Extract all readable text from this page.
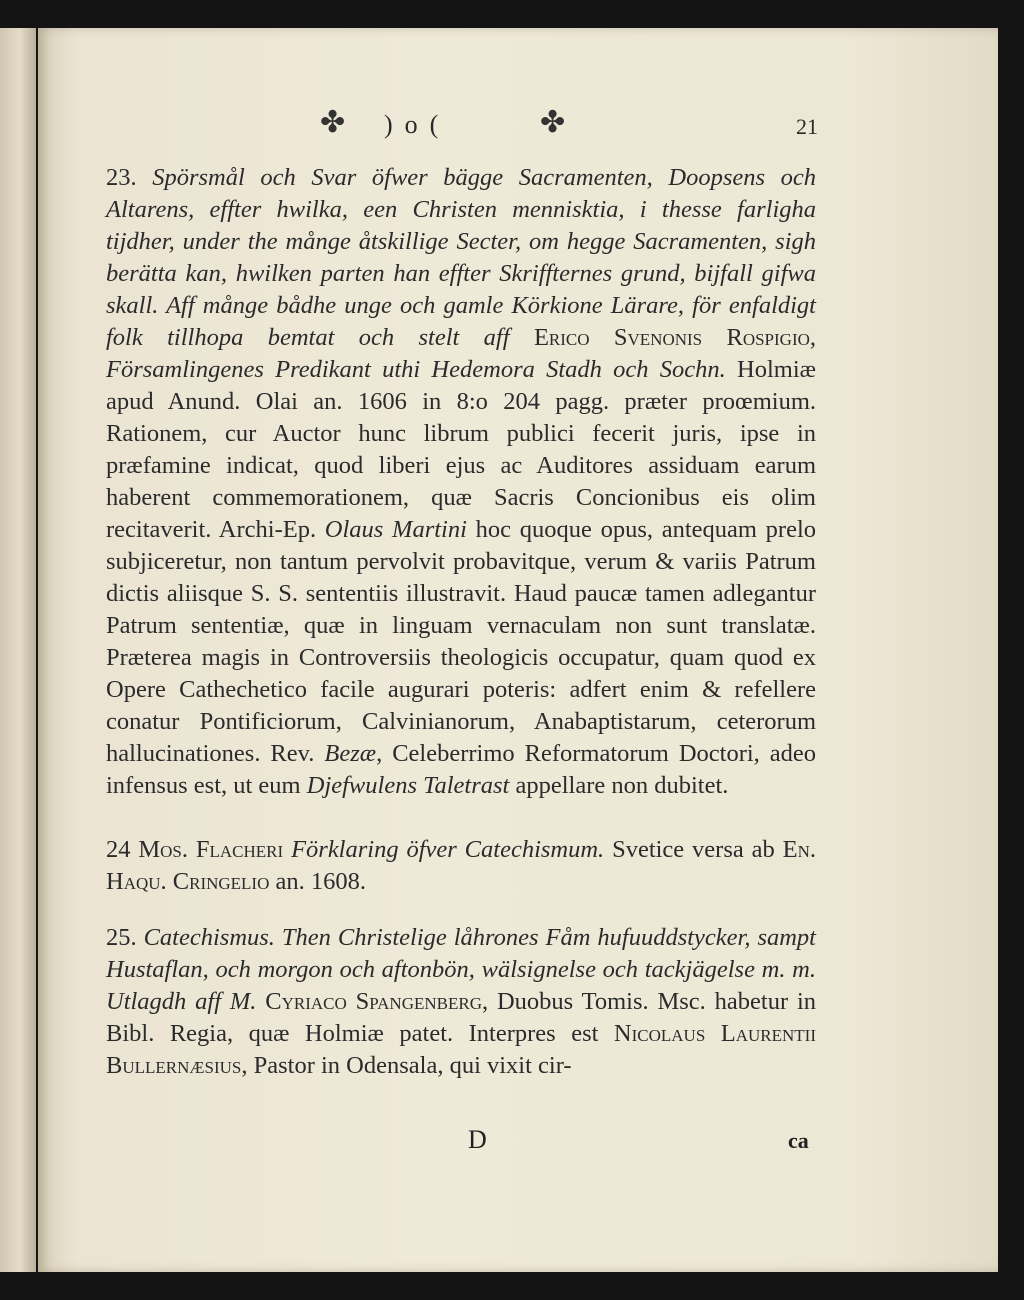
✤ )o(	✤	21

23. Spörsmål och Svar öfwer bägge Sacramenten, Doopsens och Altarens, effter hwilka, een Christen mennisktia, i thesse farligha tijdher, under the månge åtskillige Secter, om hegge Sacramenten, sigh berätta kan, hwilken parten han effter Skriffternes grund, bijfall gifwa skall. Aff månge bådhe unge och gamle Körkione Lärare, för enfaldigt folk tillhopa bemtat och stelt aff Erico Svenonis Rospigio, Församlingenes Predikant uthi Hedemora Stadh och Sochn. Holmiæ apud Anund. Olai an. 1606 in 8:o 204 pagg. præter proœmium. Rationem, cur Auctor hunc librum publici fecerit juris, ipse in præfamine indicat, quod liberi ejus ac Auditores assiduam earum haberent commemorationem, quæ Sacris Concionibus eis olim recitaverit. Archi-Ep. Olaus Martini hoc quoque opus, antequam prelo subjiceretur, non tantum pervolvit probavitque, verum & variis Patrum dictis aliisque S. S. sententiis illustravit. Haud paucæ tamen adlegantur Patrum sententiæ, quæ in linguam vernaculam non sunt translatæ. Præterea magis in Controversiis theologicis occupatur, quam quod ex Opere Cathechetico facile augurari poteris: adfert enim & refellere conatur Pontificiorum, Calvinianorum, Anabaptistarum, ceterorum hallucinationes. Rev. Bezæ, Celeberrimo Reformatorum Doctori, adeo infensus est, ut eum Djefwulens Taletrast appellare non dubitet.

24 Mos. Flacheri Förklaring öfver Catechismum. Svetice versa ab En. Haqu. Cringelio an. 1608.

25. Catechismus. Then Christelige låhrones Fåm hufuuddstycker, sampt Hustaflan, och morgon och aftonbön, wälsignelse och tackjägelse m. m. Utlagdh aff M. Cyriaco Spangenberg, Duobus Tomis. Msc. habetur in Bibl. Regia, quæ Holmiæ patet. Interpres est Nicolaus Laurentii Bullernæsius, Pastor in Odensala, qui vixit cir-

D	ca
